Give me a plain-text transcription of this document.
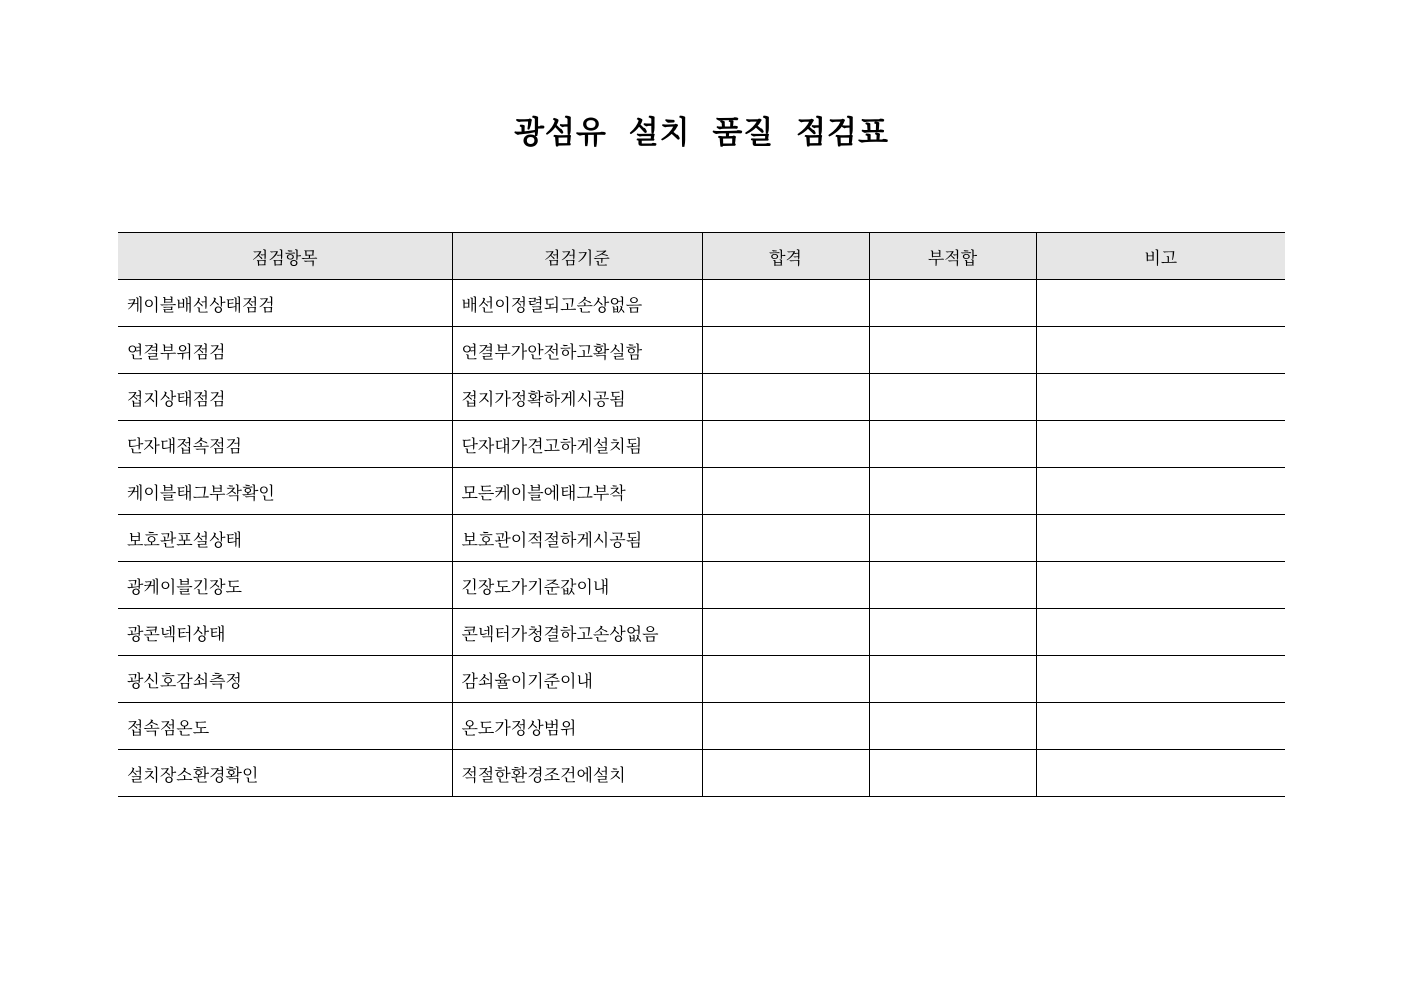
광섬유 설치 품질 점검표
점검항목	점검기준	합격	부적합	비고
케이블배선상태점검	배선이정렬되고손상없음			
연결부위점검	연결부가안전하고확실함			
접지상태점검	접지가정확하게시공됨			
단자대접속점검	단자대가견고하게설치됨			
케이블태그부착확인	모든케이블에태그부착			
보호관포설상태	보호관이적절하게시공됨			
광케이블긴장도	긴장도가기준값이내			
광콘넥터상태	콘넥터가청결하고손상없음			
광신호감쇠측정	감쇠율이기준이내			
접속점온도	온도가정상범위			
설치장소환경확인	적절한환경조건에설치			
